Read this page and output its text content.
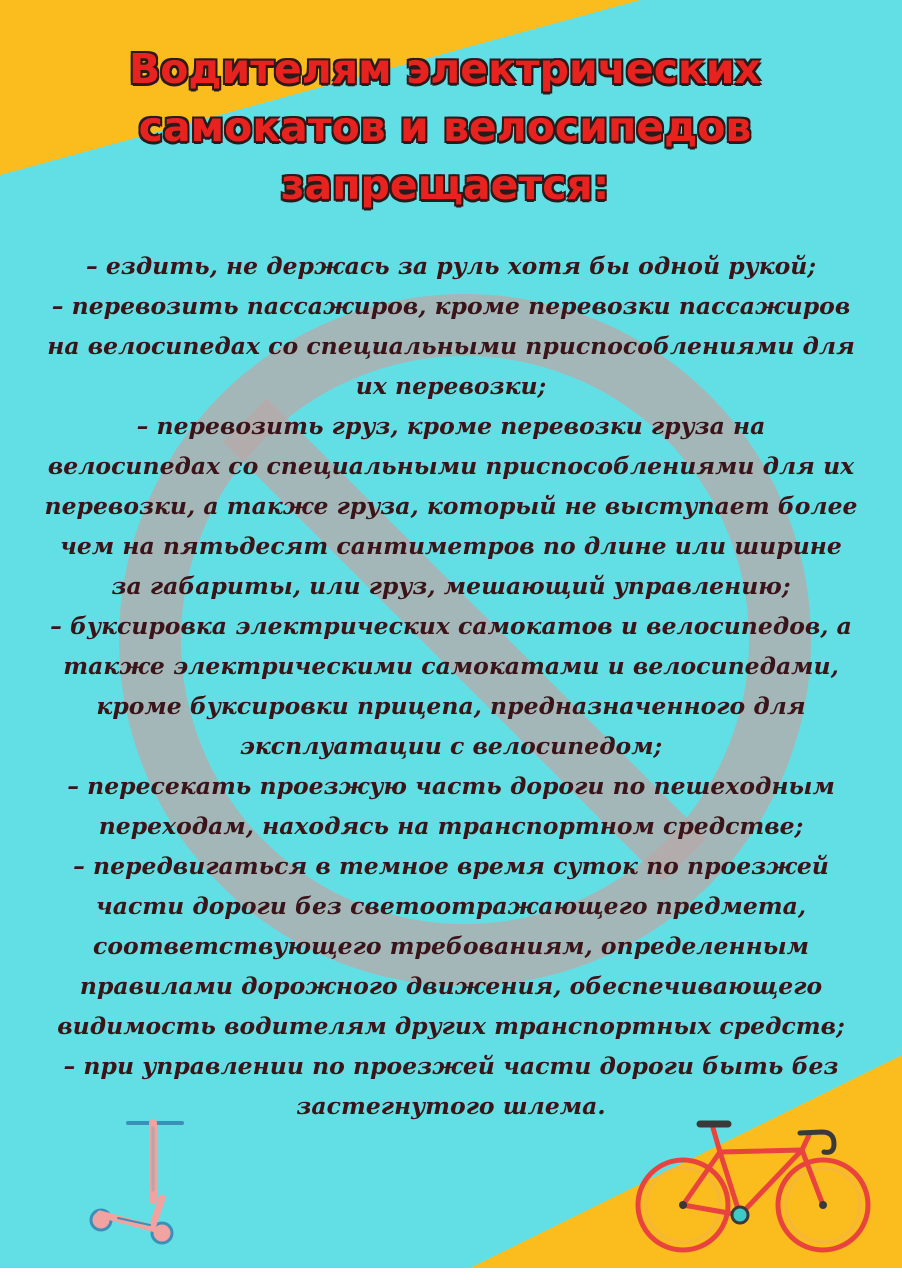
Водителям электрических
самокатов и велосипедов
запрещается:
– ездить, не держась за руль хотя бы одной рукой;
– перевозить пассажиров, кроме перевозки пассажиров
на велосипедах со специальными приспособлениями для
их перевозки;
– перевозить груз, кроме перевозки груза на
велосипедах со специальными приспособлениями для их
перевозки, а также груза, который не выступает более
чем на пятьдесят сантиметров по длине или ширине
за габариты, или груз, мешающий управлению;
– буксировка электрических самокатов и велосипедов, а
также электрическими самокатами и велосипедами,
кроме буксировки прицепа, предназначенного для
эксплуатации с велосипедом;
– пересекать проезжую часть дороги по пешеходным
переходам, находясь на транспортном средстве;
– передвигаться в темное время суток по проезжей
части дороги без светоотражающего предмета,
соответствующего требованиям, определенным
правилами дорожного движения, обеспечивающего
видимость водителям других транспортных средств;
– при управлении по проезжей части дороги быть без
застегнутого шлема.
